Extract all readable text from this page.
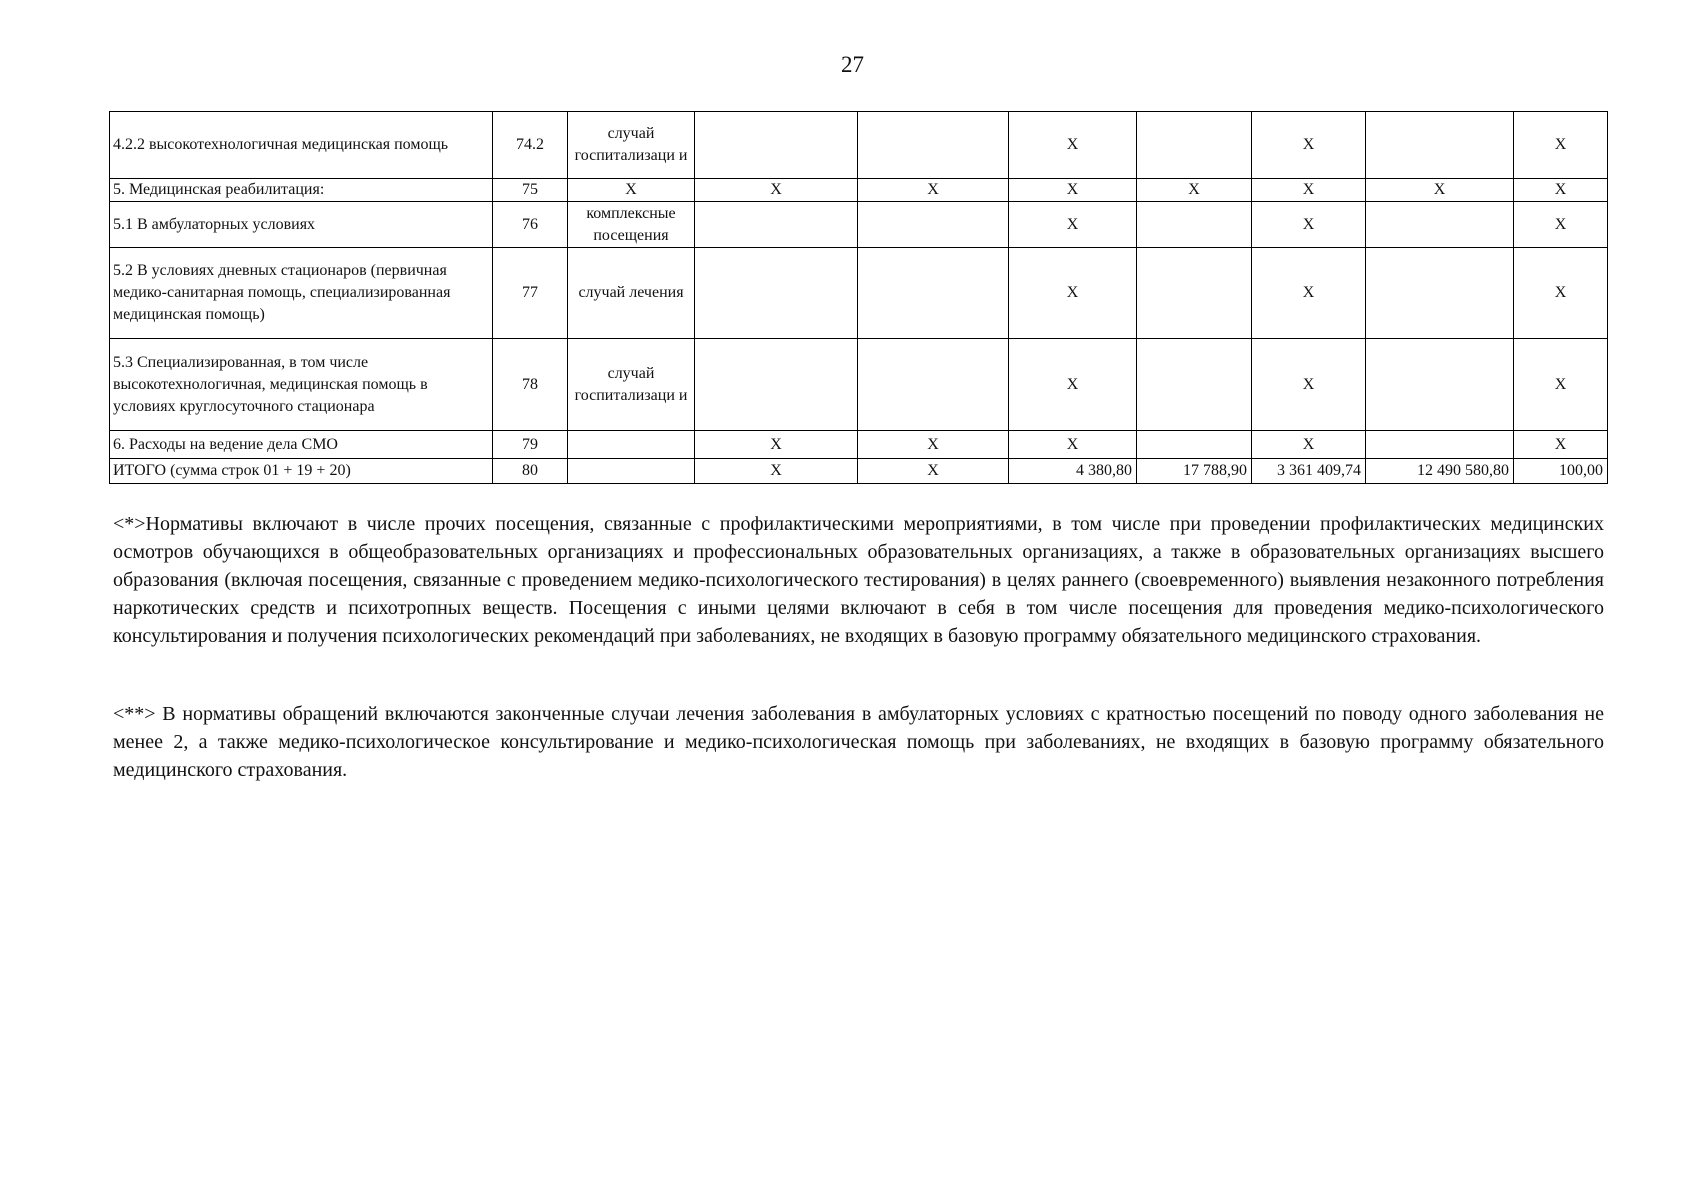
27
4.2.2 высокотехнологичная медицинская помощь	74.2	случай госпитализаци и			X		X		X
5. Медицинская реабилитация:	75	X	X	X	X	X	X	X	X
5.1 В амбулаторных условиях	76	комплексные посещения			X		X		X
5.2 В условиях дневных стационаров (первичная медико-санитарная помощь, специализированная медицинская помощь)	77	случай лечения			X		X		X
5.3 Специализированная, в том числе высокотехнологичная, медицинская помощь в условиях круглосуточного стационара	78	случай госпитализаци и			X		X		X
6. Расходы на ведение дела СМО	79		X	X	X		X		X
ИТОГО (сумма строк 01 + 19 + 20)	80		X	X	4 380,80	17 788,90	3 361 409,74	12 490 580,80	100,00

<*>Нормативы включают в числе прочих посещения, связанные с профилактическими мероприятиями, в том числе при проведении профилактических медицинских осмотров обучающихся в общеобразовательных организациях и профессиональных образовательных организациях, а также в образовательных организациях высшего образования (включая посещения, связанные с проведением медико-психологического тестирования) в целях раннего (своевременного) выявления незаконного потребления наркотических средств и психотропных веществ. Посещения с иными целями включают в себя в том числе посещения для проведения медико-психологического консультирования и получения психологических рекомендаций при заболеваниях, не входящих в базовую программу обязательного медицинского страхования.

<**> В нормативы обращений включаются законченные случаи лечения заболевания в амбулаторных условиях с кратностью посещений по поводу одного заболевания не менее 2, а также медико-психологическое консультирование и медико-психологическая помощь при заболеваниях, не входящих в базовую программу обязательного медицинского страхования.
